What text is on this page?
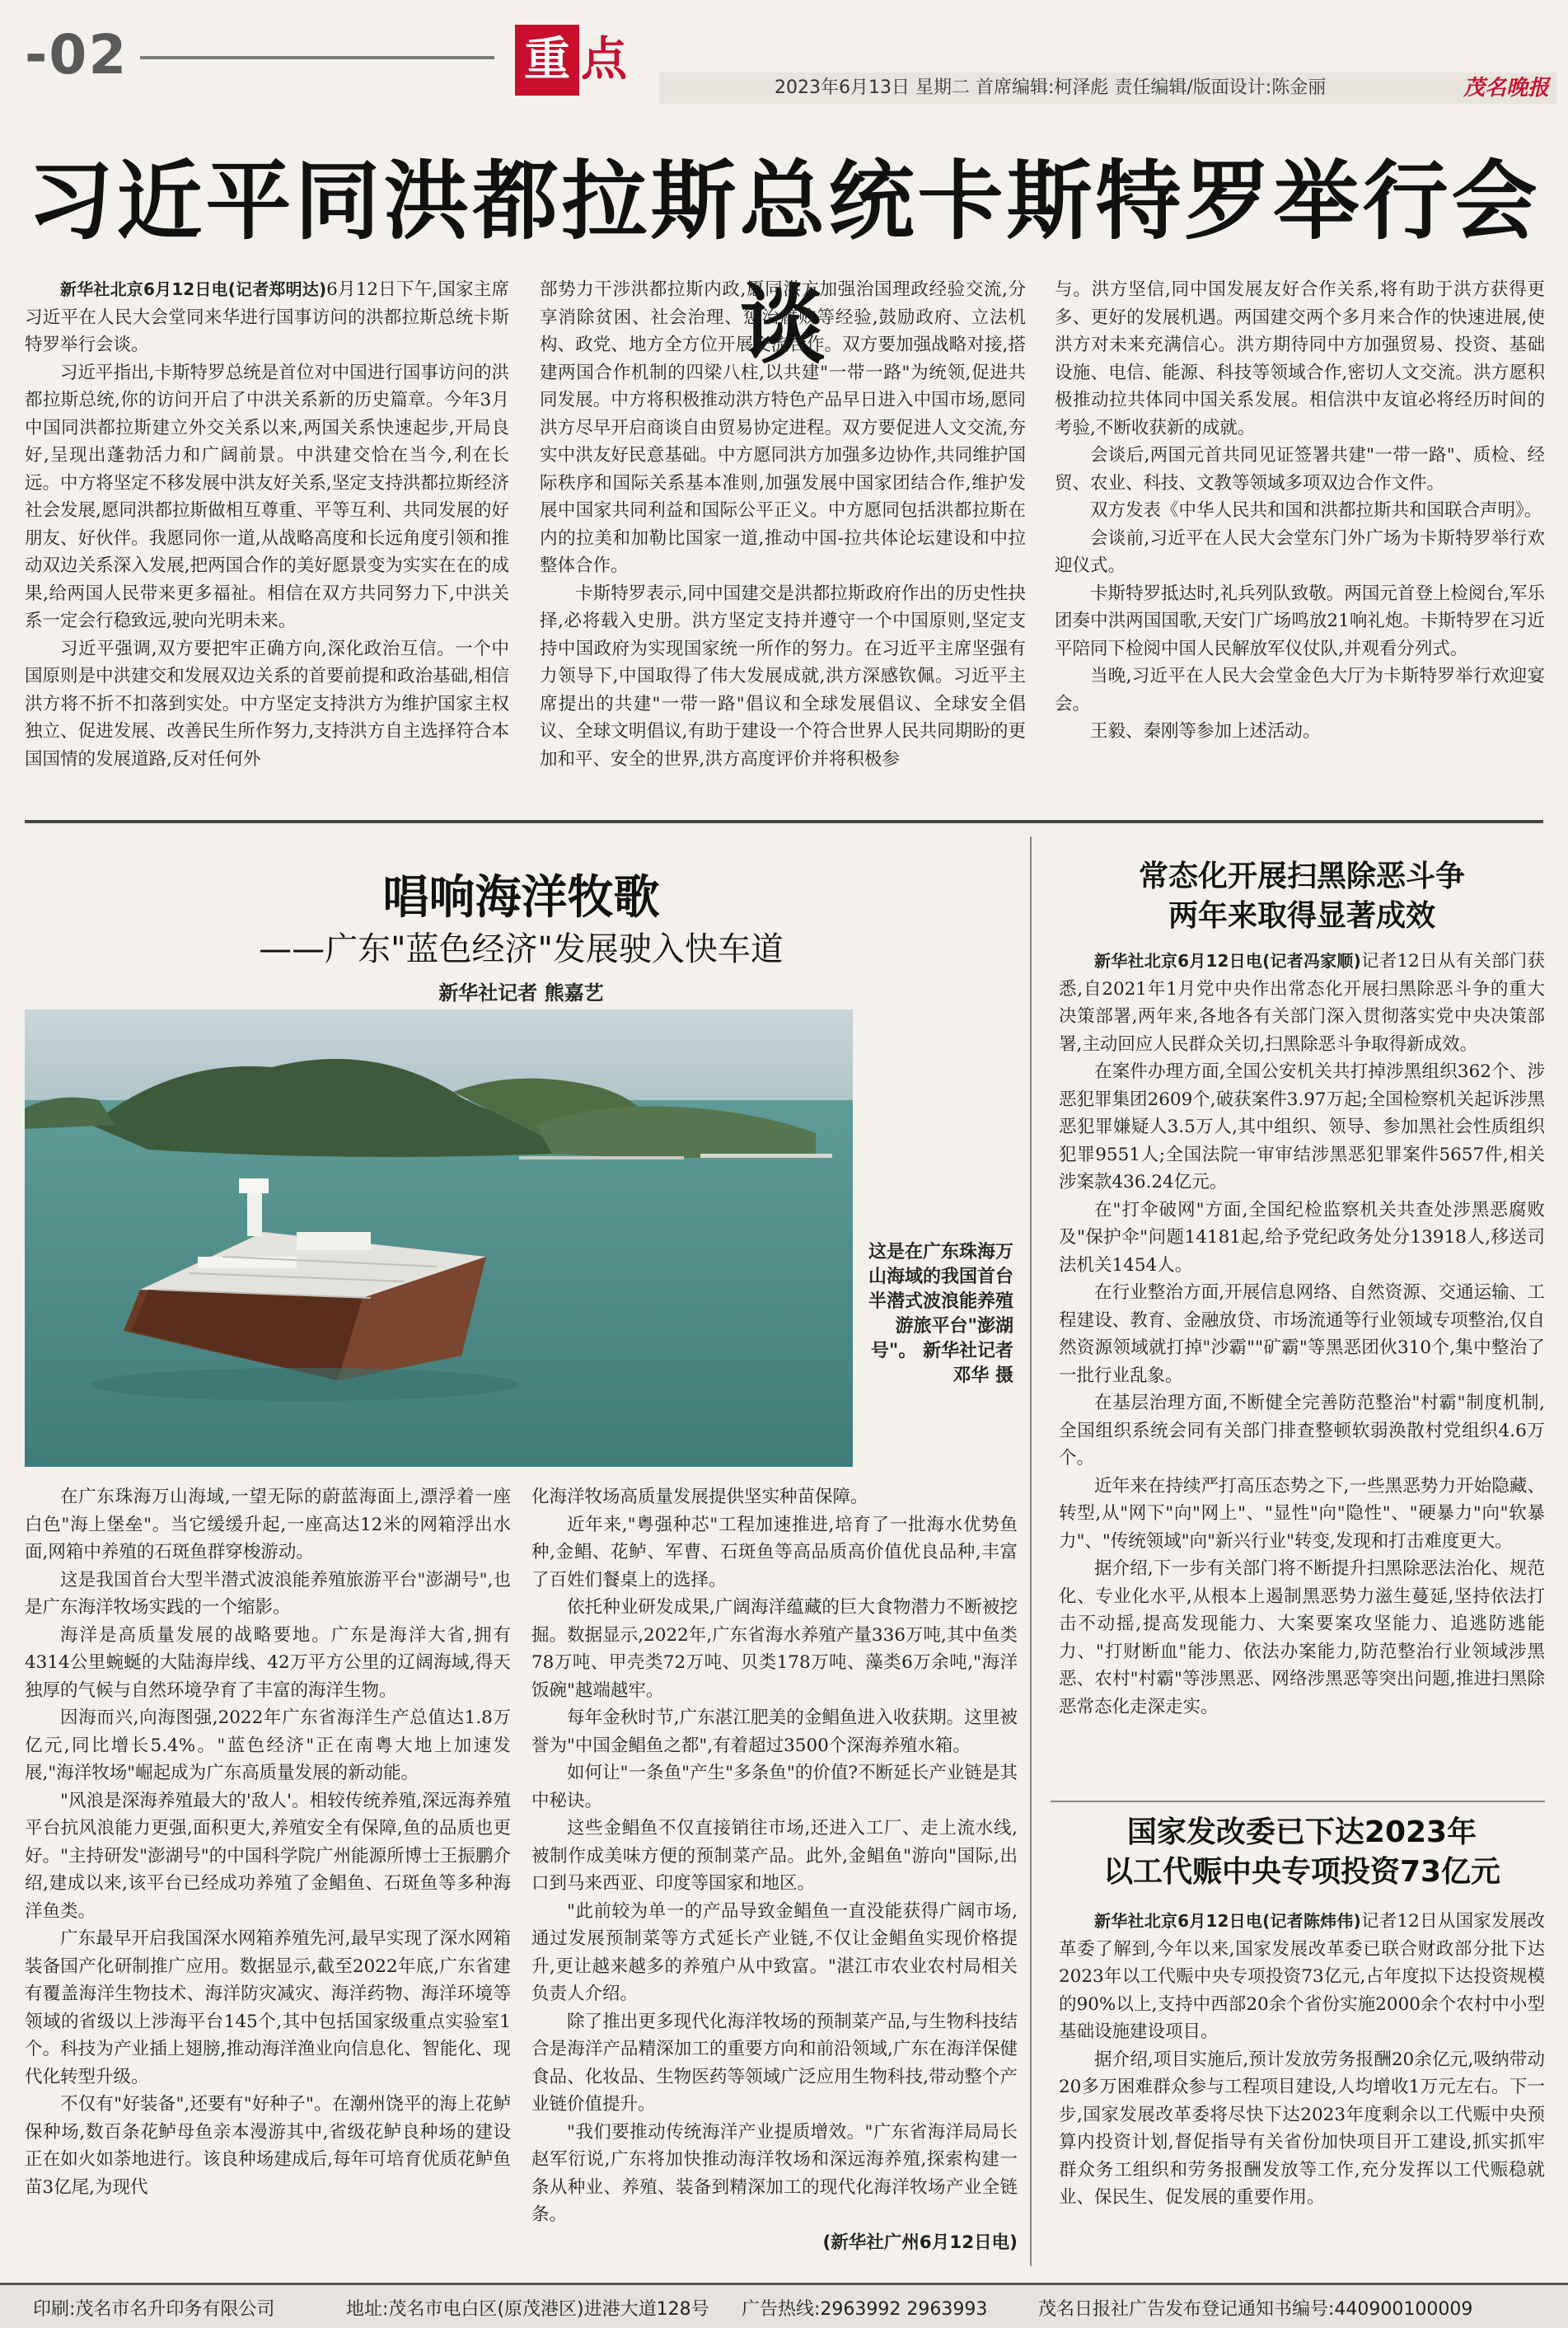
-02	重 点
2023年6月13日 星期二 首席编辑:柯泽彪 责任编辑/版面设计:陈金丽	茂名晚报
习近平同洪都拉斯总统卡斯特罗举行会谈

新华社北京6月12日电(记者郑明达)6月12日下午,国家主席习近平在人民大会堂同来华进行国事访问的洪都拉斯总统卡斯特罗举行会谈。

习近平指出,卡斯特罗总统是首位对中国进行国事访问的洪都拉斯总统,你的访问开启了中洪关系新的历史篇章。今年3月中国同洪都拉斯建立外交关系以来,两国关系快速起步,开局良好,呈现出蓬勃活力和广阔前景。中洪建交恰在当今,利在长远。中方将坚定不移发展中洪友好关系,坚定支持洪都拉斯经济社会发展,愿同洪都拉斯做相互尊重、平等互利、共同发展的好朋友、好伙伴。我愿同你一道,从战略高度和长远角度引领和推动双边关系深入发展,把两国合作的美好愿景变为实实在在的成果,给两国人民带来更多福祉。相信在双方共同努力下,中洪关系一定会行稳致远,驶向光明未来。

习近平强调,双方要把牢正确方向,深化政治互信。一个中国原则是中洪建交和发展双边关系的首要前提和政治基础,相信洪方将不折不扣落到实处。中方坚定支持洪方为维护国家主权独立、促进发展、改善民生所作努力,支持洪方自主选择符合本国国情的发展道路,反对任何外

部势力干涉洪都拉斯内政,愿同洪方加强治国理政经验交流,分享消除贫困、社会治理、惩治腐败等经验,鼓励政府、立法机构、政党、地方全方位开展交流合作。双方要加强战略对接,搭建两国合作机制的四梁八柱,以共建"一带一路"为统领,促进共同发展。中方将积极推动洪方特色产品早日进入中国市场,愿同洪方尽早开启商谈自由贸易协定进程。双方要促进人文交流,夯实中洪友好民意基础。中方愿同洪方加强多边协作,共同维护国际秩序和国际关系基本准则,加强发展中国家团结合作,维护发展中国家共同利益和国际公平正义。中方愿同包括洪都拉斯在内的拉美和加勒比国家一道,推动中国-拉共体论坛建设和中拉整体合作。

卡斯特罗表示,同中国建交是洪都拉斯政府作出的历史性抉择,必将载入史册。洪方坚定支持并遵守一个中国原则,坚定支持中国政府为实现国家统一所作的努力。在习近平主席坚强有力领导下,中国取得了伟大发展成就,洪方深感钦佩。习近平主席提出的共建"一带一路"倡议和全球发展倡议、全球安全倡议、全球文明倡议,有助于建设一个符合世界人民共同期盼的更加和平、安全的世界,洪方高度评价并将积极参

与。洪方坚信,同中国发展友好合作关系,将有助于洪方获得更多、更好的发展机遇。两国建交两个多月来合作的快速进展,使洪方对未来充满信心。洪方期待同中方加强贸易、投资、基础设施、电信、能源、科技等领域合作,密切人文交流。洪方愿积极推动拉共体同中国关系发展。相信洪中友谊必将经历时间的考验,不断收获新的成就。

会谈后,两国元首共同见证签署共建"一带一路"、质检、经贸、农业、科技、文教等领域多项双边合作文件。

双方发表《中华人民共和国和洪都拉斯共和国联合声明》。

会谈前,习近平在人民大会堂东门外广场为卡斯特罗举行欢迎仪式。

卡斯特罗抵达时,礼兵列队致敬。两国元首登上检阅台,军乐团奏中洪两国国歌,天安门广场鸣放21响礼炮。卡斯特罗在习近平陪同下检阅中国人民解放军仪仗队,并观看分列式。

当晚,习近平在人民大会堂金色大厅为卡斯特罗举行欢迎宴会。

王毅、秦刚等参加上述活动。

唱响海洋牧歌
——广东"蓝色经济"发展驶入快车道
新华社记者 熊嘉艺
这是在广东珠海万山海域的我国首台半潜式波浪能养殖游旅平台"澎湖号"。 新华社记者 邓华 摄

在广东珠海万山海域,一望无际的蔚蓝海面上,漂浮着一座白色"海上堡垒"。当它缓缓升起,一座高达12米的网箱浮出水面,网箱中养殖的石斑鱼群穿梭游动。

这是我国首台大型半潜式波浪能养殖旅游平台"澎湖号",也是广东海洋牧场实践的一个缩影。

海洋是高质量发展的战略要地。广东是海洋大省,拥有4314公里蜿蜒的大陆海岸线、42万平方公里的辽阔海域,得天独厚的气候与自然环境孕育了丰富的海洋生物。

因海而兴,向海图强,2022年广东省海洋生产总值达1.8万亿元,同比增长5.4%。"蓝色经济"正在南粤大地上加速发展,"海洋牧场"崛起成为广东高质量发展的新动能。

"风浪是深海养殖最大的'敌人'。相较传统养殖,深远海养殖平台抗风浪能力更强,面积更大,养殖安全有保障,鱼的品质也更好。"主持研发"澎湖号"的中国科学院广州能源所博士王振鹏介绍,建成以来,该平台已经成功养殖了金鲳鱼、石斑鱼等多种海洋鱼类。

广东最早开启我国深水网箱养殖先河,最早实现了深水网箱装备国产化研制推广应用。数据显示,截至2022年底,广东省建有覆盖海洋生物技术、海洋防灾减灾、海洋药物、海洋环境等领域的省级以上涉海平台145个,其中包括国家级重点实验室1个。科技为产业插上翅膀,推动海洋渔业向信息化、智能化、现代化转型升级。

不仅有"好装备",还要有"好种子"。在潮州饶平的海上花鲈保种场,数百条花鲈母鱼亲本漫游其中,省级花鲈良种场的建设正在如火如荼地进行。该良种场建成后,每年可培育优质花鲈鱼苗3亿尾,为现代

化海洋牧场高质量发展提供坚实种苗保障。

近年来,"粤强种芯"工程加速推进,培育了一批海水优势鱼种,金鲳、花鲈、军曹、石斑鱼等高品质高价值优良品种,丰富了百姓们餐桌上的选择。

依托种业研发成果,广阔海洋蕴藏的巨大食物潜力不断被挖掘。数据显示,2022年,广东省海水养殖产量336万吨,其中鱼类78万吨、甲壳类72万吨、贝类178万吨、藻类6万余吨,"海洋饭碗"越端越牢。

每年金秋时节,广东湛江肥美的金鲳鱼进入收获期。这里被誉为"中国金鲳鱼之都",有着超过3500个深海养殖水箱。

如何让"一条鱼"产生"多条鱼"的价值?不断延长产业链是其中秘诀。

这些金鲳鱼不仅直接销往市场,还进入工厂、走上流水线,被制作成美味方便的预制菜产品。此外,金鲳鱼"游向"国际,出口到马来西亚、印度等国家和地区。

"此前较为单一的产品导致金鲳鱼一直没能获得广阔市场,通过发展预制菜等方式延长产业链,不仅让金鲳鱼实现价格提升,更让越来越多的养殖户从中致富。"湛江市农业农村局相关负责人介绍。

除了推出更多现代化海洋牧场的预制菜产品,与生物科技结合是海洋产品精深加工的重要方向和前沿领域,广东在海洋保健食品、化妆品、生物医药等领域广泛应用生物科技,带动整个产业链价值提升。

"我们要推动传统海洋产业提质增效。"广东省海洋局局长赵军衍说,广东将加快推动海洋牧场和深远海养殖,探索构建一条从种业、养殖、装备到精深加工的现代化海洋牧场产业全链条。

(新华社广州6月12日电)

常态化开展扫黑除恶斗争
两年来取得显著成效

新华社北京6月12日电(记者冯家顺)记者12日从有关部门获悉,自2021年1月党中央作出常态化开展扫黑除恶斗争的重大决策部署,两年来,各地各有关部门深入贯彻落实党中央决策部署,主动回应人民群众关切,扫黑除恶斗争取得新成效。

在案件办理方面,全国公安机关共打掉涉黑组织362个、涉恶犯罪集团2609个,破获案件3.97万起;全国检察机关起诉涉黑恶犯罪嫌疑人3.5万人,其中组织、领导、参加黑社会性质组织犯罪9551人;全国法院一审审结涉黑恶犯罪案件5657件,相关涉案款436.24亿元。

在"打伞破网"方面,全国纪检监察机关共查处涉黑恶腐败及"保护伞"问题14181起,给予党纪政务处分13918人,移送司法机关1454人。

在行业整治方面,开展信息网络、自然资源、交通运输、工程建设、教育、金融放贷、市场流通等行业领域专项整治,仅自然资源领域就打掉"沙霸""矿霸"等黑恶团伙310个,集中整治了一批行业乱象。

在基层治理方面,不断健全完善防范整治"村霸"制度机制,全国组织系统会同有关部门排查整顿软弱涣散村党组织4.6万个。

近年来在持续严打高压态势之下,一些黑恶势力开始隐藏、转型,从"网下"向"网上"、"显性"向"隐性"、"硬暴力"向"软暴力"、"传统领域"向"新兴行业"转变,发现和打击难度更大。

据介绍,下一步有关部门将不断提升扫黑除恶法治化、规范化、专业化水平,从根本上遏制黑恶势力滋生蔓延,坚持依法打击不动摇,提高发现能力、大案要案攻坚能力、追逃防逃能力、"打财断血"能力、依法办案能力,防范整治行业领域涉黑恶、农村"村霸"等涉黑恶、网络涉黑恶等突出问题,推进扫黑除恶常态化走深走实。

国家发改委已下达2023年
以工代赈中央专项投资73亿元

新华社北京6月12日电(记者陈炜伟)记者12日从国家发展改革委了解到,今年以来,国家发展改革委已联合财政部分批下达2023年以工代赈中央专项投资73亿元,占年度拟下达投资规模的90%以上,支持中西部20余个省份实施2000余个农村中小型基础设施建设项目。

据介绍,项目实施后,预计发放劳务报酬20余亿元,吸纳带动20多万困难群众参与工程项目建设,人均增收1万元左右。下一步,国家发展改革委将尽快下达2023年度剩余以工代赈中央预算内投资计划,督促指导有关省份加快项目开工建设,抓实抓牢群众务工组织和劳务报酬发放等工作,充分发挥以工代赈稳就业、保民生、促发展的重要作用。

印刷:茂名市名升印务有限公司	地址:茂名市电白区(原茂港区)进港大道128号 广告热线:2963992 2963993	茂名日报社广告发布登记通知书编号:440900100009
